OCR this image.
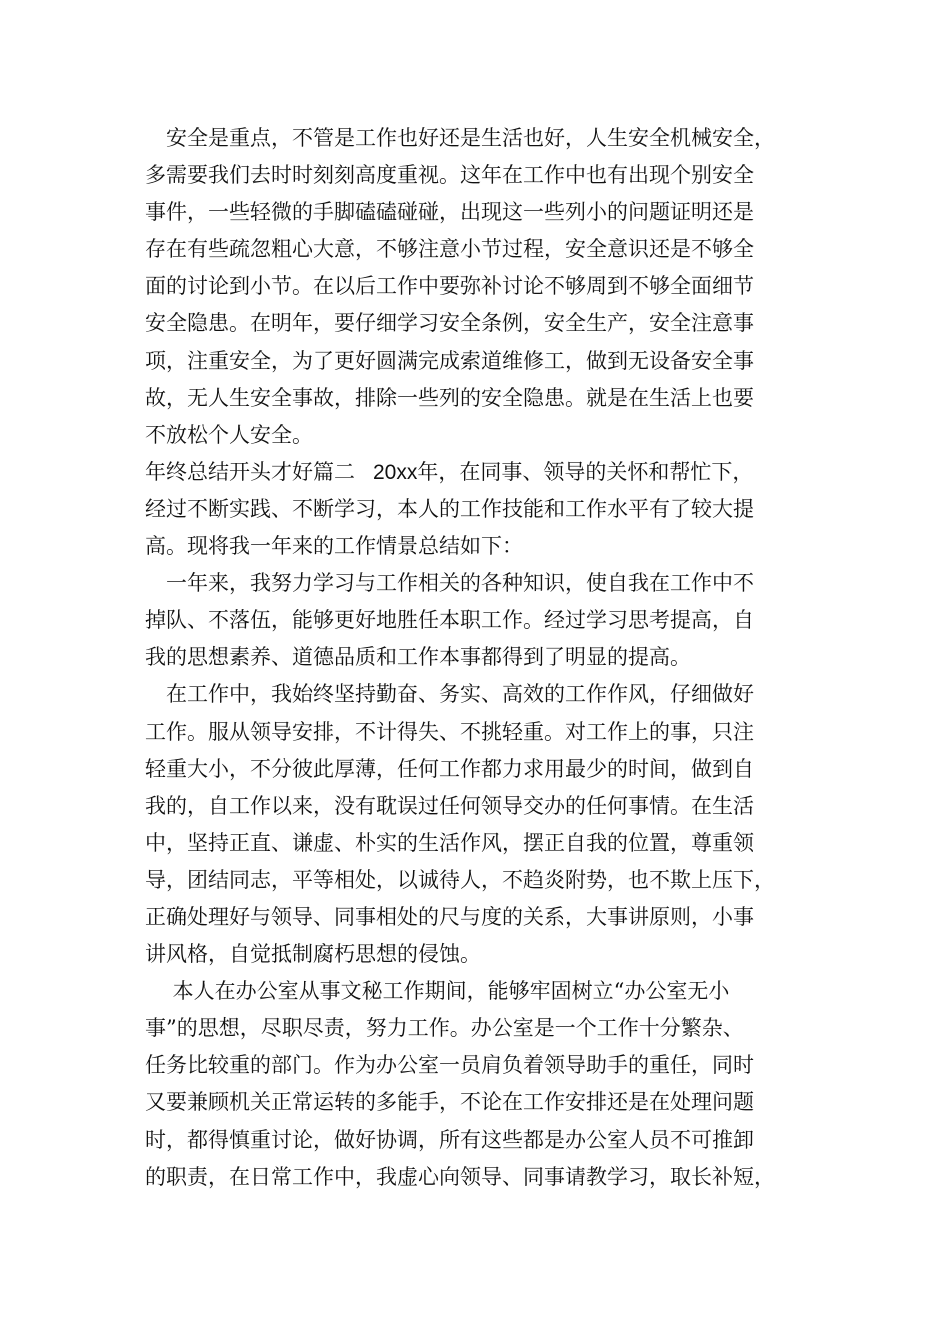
　安全是重点，不管是工作也好还是生活也好，人生安全机械安全，
多需要我们去时时刻刻高度重视。这年在工作中也有出现个别安全
事件，一些轻微的手脚磕磕碰碰，出现这一些列小的问题证明还是
存在有些疏忽粗心大意，不够注意小节过程，安全意识还是不够全
面的讨论到小节。在以后工作中要弥补讨论不够周到不够全面细节
安全隐患。在明年，要仔细学习安全条例，安全生产，安全注意事
项，注重安全，为了更好圆满完成索道维修工，做到无设备安全事
故，无人生安全事故，排除一些列的安全隐患。就是在生活上也要
不放松个人安全。
年终总结开头才好篇二 20xx年，在同事、领导的关怀和帮忙下，
经过不断实践、不断学习，本人的工作技能和工作水平有了较大提
高。现将我一年来的工作情景总结如下：
　一年来，我努力学习与工作相关的各种知识，使自我在工作中不
掉队、不落伍，能够更好地胜任本职工作。经过学习思考提高，自
我的思想素养、道德品质和工作本事都得到了明显的提高。
　在工作中，我始终坚持勤奋、务实、高效的工作作风，仔细做好
工作。服从领导安排，不计得失、不挑轻重。对工作上的事，只注
轻重大小，不分彼此厚薄，任何工作都力求用最少的时间，做到自
我的，自工作以来，没有耽误过任何领导交办的任何事情。在生活
中，坚持正直、谦虚、朴实的生活作风，摆正自我的位置，尊重领
导，团结同志，平等相处，以诚待人，不趋炎附势，也不欺上压下，
正确处理好与领导、同事相处的尺与度的关系，大事讲原则，小事
讲风格，自觉抵制腐朽思想的侵蚀。
　 本人在办公室从事文秘工作期间，能够牢固树立“办公室无小
事”的思想，尽职尽责，努力工作。办公室是一个工作十分繁杂、
任务比较重的部门。作为办公室一员肩负着领导助手的重任，同时
又要兼顾机关正常运转的多能手，不论在工作安排还是在处理问题
时，都得慎重讨论，做好协调，所有这些都是办公室人员不可推卸
的职责，在日常工作中，我虚心向领导、同事请教学习，取长补短，
